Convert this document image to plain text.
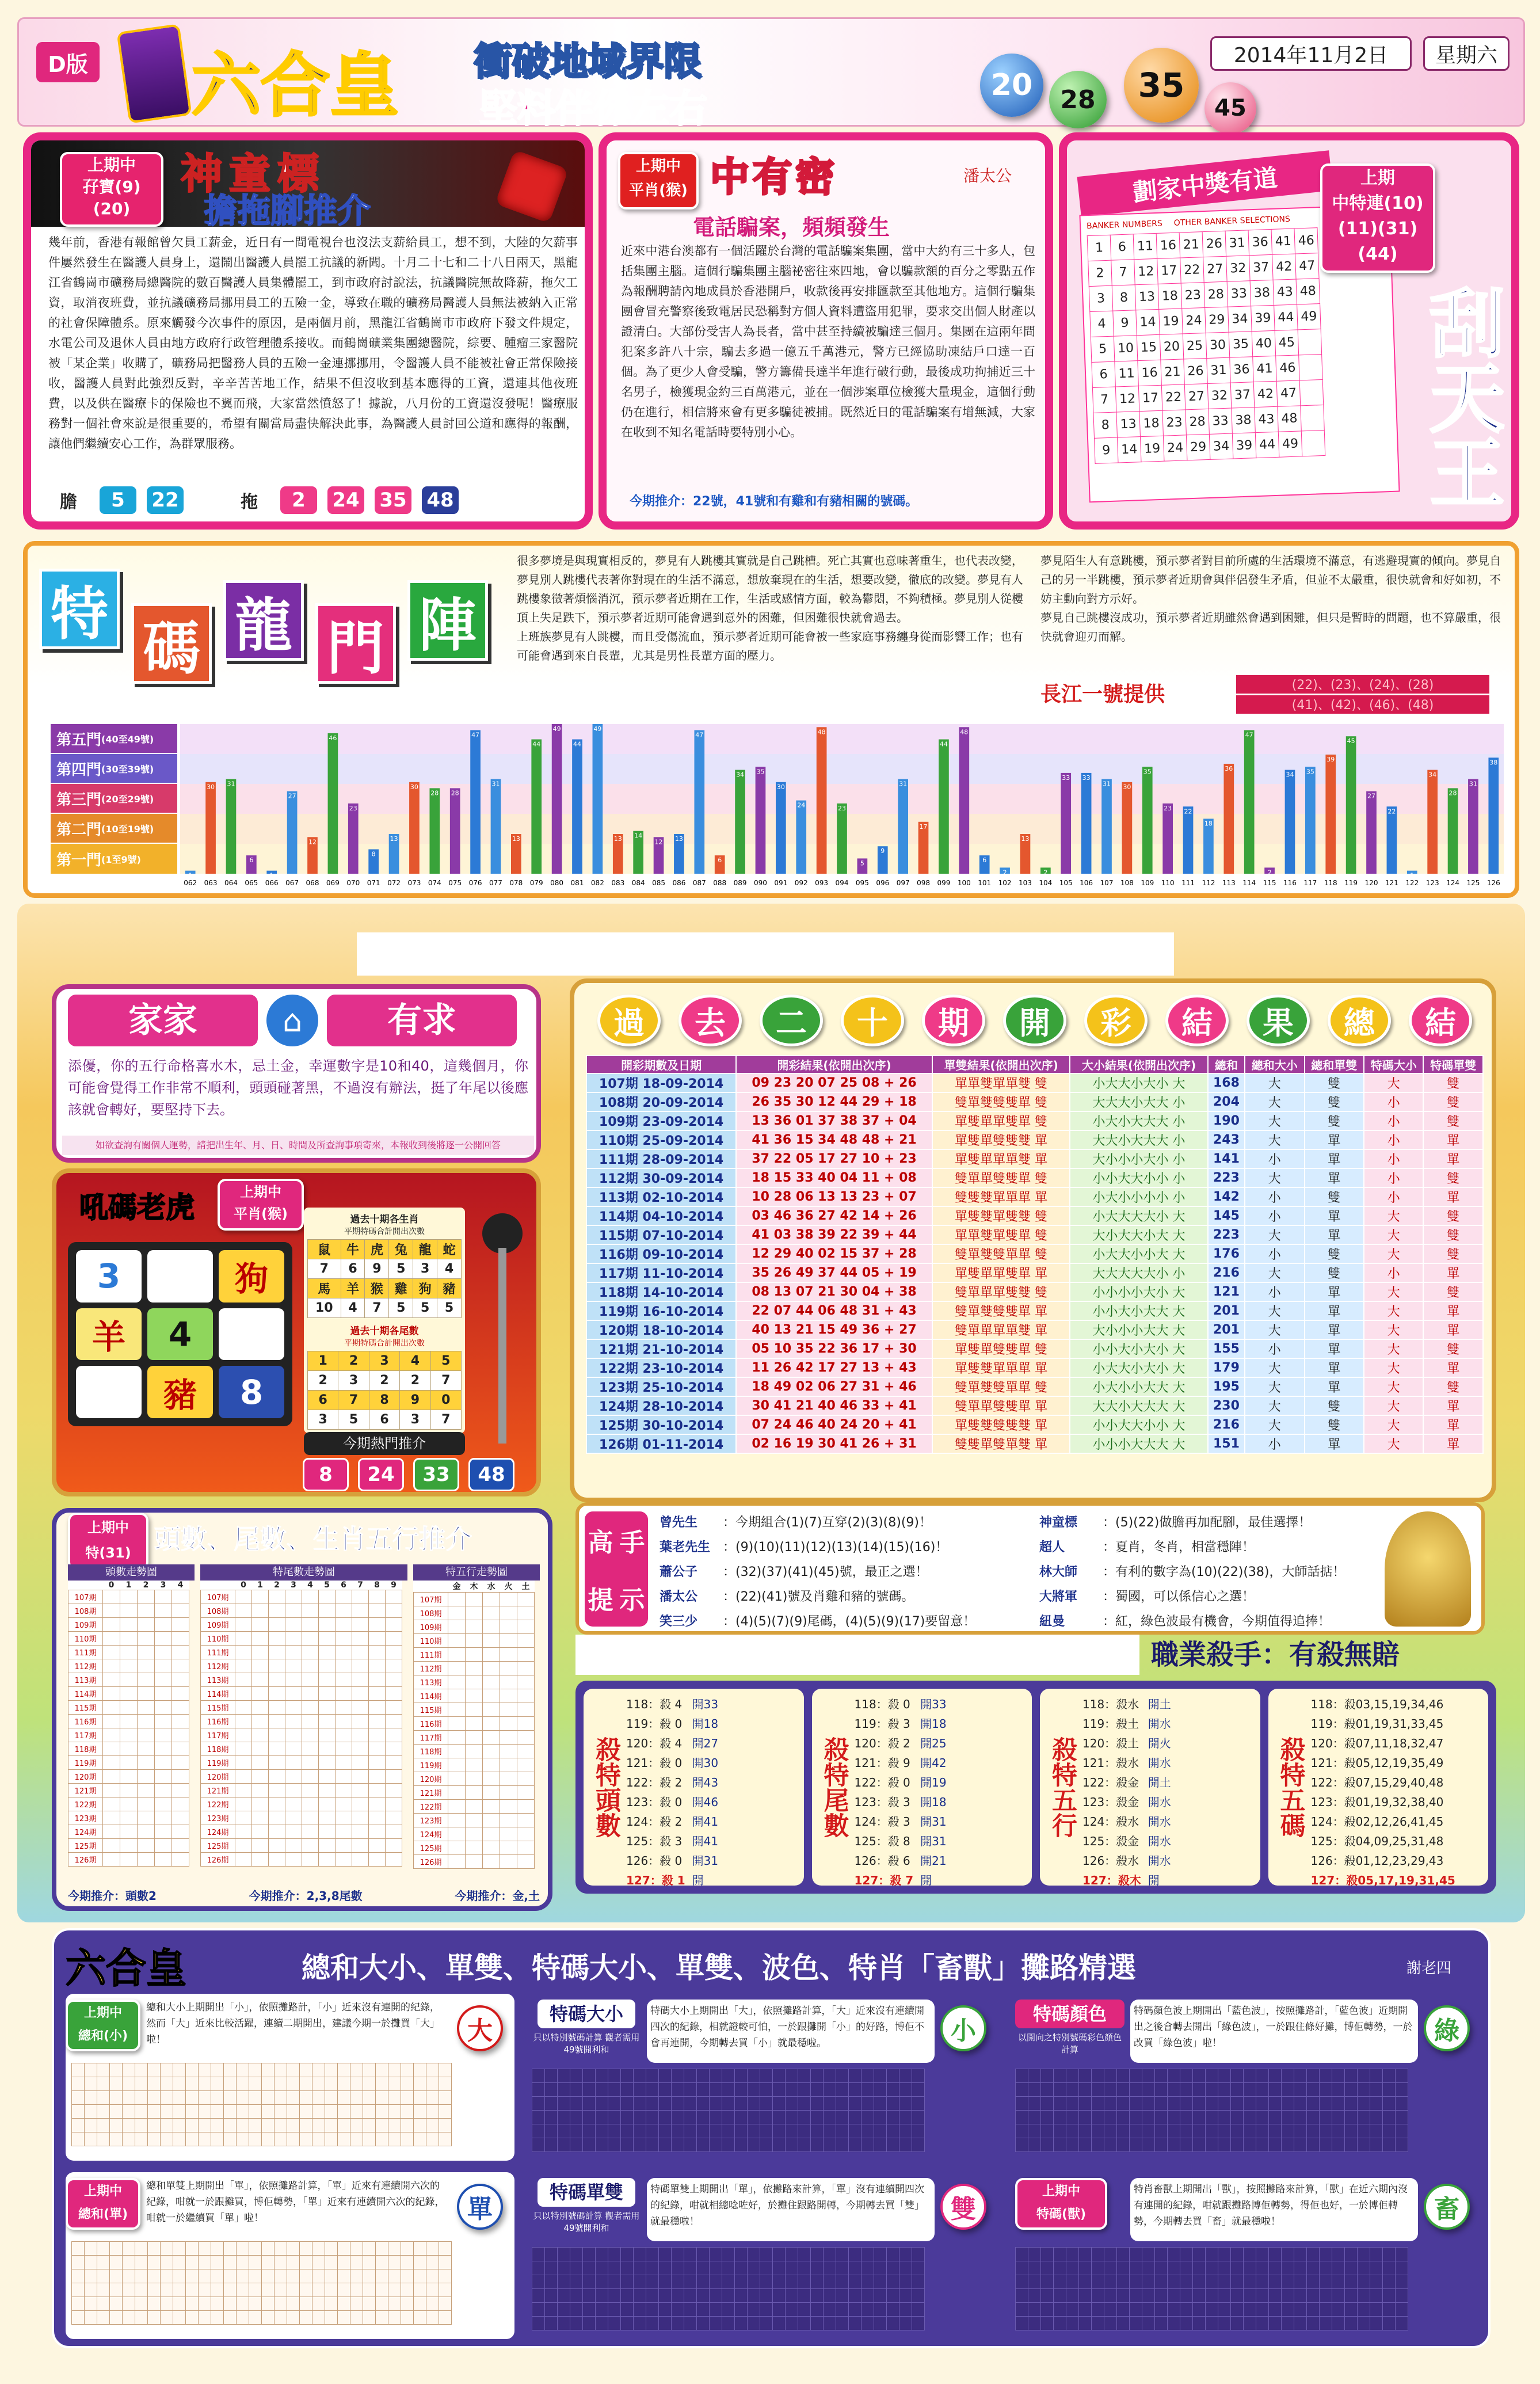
D版 六合皇 衝破地域界限
堅料伴你左右
20	28	35
45
2014年11月2日	星期六
上期中
孖寶(9)
(20)
神童標
擔拖腳推介
幾年前，香港有報館曾欠員工薪金，近日有一間電視台也沒法支薪給員工，想不到，大陸的欠薪事件屢然發生在醫護人員身上，還鬧出醫護人員罷工抗議的新聞。十月二十七和二十八日兩天，黑龍江省鶴崗市礦務局總醫院的數百醫護人員集體罷工，到市政府討說法，抗議醫院無故降薪，拖欠工資，取消夜班費，並抗議礦務局挪用員工的五險一金，導致在職的礦務局醫護人員無法被納入正常的社會保障體系。原來觸發今次事件的原因，是兩個月前，黑龍江省鶴崗市市政府下發文件規定，水電公司及退休人員由地方政府行政管理體系接收。而鶴崗礦業集團總醫院，綜要、腫瘤三家醫院被「某企業」收購了，礦務局把醫務人員的五險一金連挪挪用，令醫護人員不能被社會正常保險接收，醫護人員對此強烈反對，辛辛苦苦地工作，結果不但沒收到基本應得的工資，還連其他夜班費，以及供在醫療卡的保險也不翼而飛，大家當然憤怒了！據說，八月份的工資還沒發呢！醫療服務對一個社會來說是很重要的，希望有關當局盡快解決此事，為醫護人員討回公道和應得的報酬，讓他們繼續安心工作，為群眾服務。
膽	5	22	拖	2	24	35	48
上期中
平肖(猴) 中有密	潘太公
電話騙案，頻頻發生
近來中港台澳都有一個活躍於台灣的電話騙案集團，當中大約有三十多人，包括集團主腦。這個行騙集團主腦祕密往來四地，會以騙款額的百分之零點五作為報酬聘請內地成員於香港開戶，收款後再安排匯款至其他地方。這個行騙集團會冒充警察後致電居民恐稱對方個人資料遭盜用犯罪，要求交出個人財產以證清白。大部份受害人為長者，當中甚至持續被騙達三個月。集團在這兩年間犯案多許八十宗，騙去多過一億五千萬港元，警方已經協助凍結戶口達一百個。為了更少人會受騙，警方籌備長達半年進行破行動，最後成功拘捕近三十名男子，檢獲現金約三百萬港元，並在一個涉案單位檢獲大量現金，這個行動仍在進行，相信將來會有更多騙徒被捕。既然近日的電話騙案有增無減，大家在收到不知名電話時要特別小心。
今期推介：22號，41號和有雞和有豬相關的號碼。
劃家中獎有道
BANKER NUMBERS OTHER BANKER SELECTIONS
1	6	11	16	21	26	31	36	41	46
2	7	12	17	22	27	32	37	42	47
3	8	13	18	23	28	33	38	43	48
4	9	14	19	24	29	34	39	44	49
5	10	15	20	25	30	35	40	45	
6	11	16	21	26	31	36	41	46	
7	12	17	22	27	32	37	42	47	
8	13	18	23	28	33	38	43	48	
9	14	19	24	29	34	39	44	49	
上期
中特連(10)
(11)(31)
(44)
刮天王
特
碼 龍 門 陣

很多夢境是與現實相反的，夢見有人跳樓其實就是自己跳槽。死亡其實也意味著重生，也代表改變，夢見別人跳樓代表著你對現在的生活不滿意，想放棄現在的生活，想要改變，徹底的改變。夢見有人跳樓象徵著煩惱消沉，預示夢者近期在工作，生活或感情方面，較為鬱悶，不夠積極。夢見別人從樓頂上失足跌下，預示夢者近期可能會遇到意外的困難，但困難很快就會過去。

上班族夢見有人跳樓，而且受傷流血，預示夢者近期可能會被一些家庭事務纏身從而影響工作；也有可能會遇到來自長輩，尤其是男性長輩方面的壓力。

夢見陌生人有意跳樓，預示夢者對目前所處的生活環境不滿意，有逃避現實的傾向。夢見自己的另一半跳樓，預示夢者近期會與伴侶發生矛盾，但並不太嚴重，很快就會和好如初，不妨主動向對方示好。

夢見自己跳樓沒成功，預示夢者近期雖然會遇到困難，但只是暫時的問題，也不算嚴重，很快就會迎刃而解。

長江一號提供	(22)、(23)、(24)、(28)
(41)、(42)、(46)、(48)
第五門 (40至49號)
第四門 (30至39號)
第三門 (20至29號)
第二門 (10至19號)
第一門 (1至9號)
1
062
30
063
31
064
6
065
1
066
27
067
12
068
46
069
23
070
8
071
13
072
30
073
28
074
28
075
47
076
31
077
13
078
44
079
49
080
44
081
49
082
13
083
14
084
12
085
13
086
47
087
6
088
34
089
35
090
30
091
24
092
48
093
23
094
5
095
9
096
31
097
17
098
44
099
48
100
6
101
2
102
13
103
2
104
33
105
33
106
31
107
30
108
35
109
23
110
22
111
18
112
36
113
47
114
2
115
34
116
35
117
39
118
45
119
27
120
22
121
1
122
34
123
28
124
31
125
38
126
家家	⌂	有求
添優，你的五行命格喜水木，忌土金，幸運數字是10和40，這幾個月，你可能會覺得工作非常不順利，頭頭碰著黑，不過沒有辦法，挺了年尾以後應該就會轉好，要堅持下去。
如欲查詢有關個人運勢，請把出生年、月、日、時間及所查詢事項寄來，本報收到後將逐一公開回答
吼碼老虎	上期中
平肖(猴)
3	狗
羊	4
豬	8
過去十期各生肖
平期特碼合計開出次數
鼠	牛	虎	兔	龍	蛇
7	6	9	5	3	4
馬	羊	猴	雞	狗	豬
10	4	7	5	5	5
過去十期各尾數
平期特碼合計開出次數
1	2	3	4	5
2	3	2	2	7
6	7	8	9	0
3	5	6	3	7
今期熱門推介
8	24	33	48
上期中
特(31) 頭數、尾數、生肖五行推介
頭數走勢圖
	0	1	2	3	4
107期					
108期					
109期					
110期					
111期					
112期					
113期					
114期					
115期					
116期					
117期					
118期					
119期					
120期					
121期					
122期					
123期					
124期					
125期					
126期					
特尾數走勢圖
	0	1	2	3	4	5	6	7	8	9
107期										
108期										
109期										
110期										
111期										
112期										
113期										
114期										
115期										
116期										
117期										
118期										
119期										
120期										
121期										
122期										
123期										
124期										
125期										
126期										
特五行走勢圖
	金	木	水	火	土
107期					
108期					
109期					
110期					
111期					
112期					
113期					
114期					
115期					
116期					
117期					
118期					
119期					
120期					
121期					
122期					
123期					
124期					
125期					
126期					
今期推介：頭數2	今期推介：2,3,8尾數	今期推介：金,土
過	去	二	十	期	開	彩	結	果	總	結
開彩期數及日期	開彩結果(依開出次序)	單雙結果(依開出次序)	大小結果(依開出次序)	總和	總和大小	總和單雙	特碼大小	特碼單雙
107期 18-09-2014	09 23 20 07 25 08 + 26	單單雙單單雙 雙	小大大小大小 大	168	大	雙	大	雙
108期 20-09-2014	26 35 30 12 44 29 + 18	雙單雙雙雙單 雙	大大大小大大 小	204	大	雙	小	雙
109期 23-09-2014	13 36 01 37 38 37 + 04	單雙單單雙單 雙	小大小大大大 小	190	大	雙	小	雙
110期 25-09-2014	41 36 15 34 48 48 + 21	單雙單雙雙雙 單	大大小大大大 小	243	大	單	小	單
111期 28-09-2014	37 22 05 17 27 10 + 23	單雙單單單雙 單	大小小小大小 小	141	小	單	小	單
112期 30-09-2014	18 15 33 40 04 11 + 08	雙單單雙雙單 雙	小小大大小小 小	223	大	單	小	雙
113期 02-10-2014	10 28 06 13 13 23 + 07	雙雙雙單單單 單	小大小小小小 小	142	小	雙	小	單
114期 04-10-2014	03 46 36 27 42 14 + 26	單雙雙單雙雙 雙	小大大大大小 大	145	小	單	大	雙
115期 07-10-2014	41 03 38 39 22 39 + 44	單單雙單雙單 雙	大小大大小大 大	223	大	單	大	雙
116期 09-10-2014	12 29 40 02 15 37 + 28	雙單雙雙單單 雙	小大大小小大 大	176	小	雙	大	雙
117期 11-10-2014	35 26 49 37 44 05 + 19	單雙單單雙單 單	大大大大大小 小	216	大	雙	小	單
118期 14-10-2014	08 13 07 21 30 04 + 38	雙單單單雙雙 雙	小小小小大小 大	121	小	單	大	雙
119期 16-10-2014	22 07 44 06 48 31 + 43	雙單雙雙雙單 單	小小大小大大 大	201	大	單	大	單
120期 18-10-2014	40 13 21 15 49 36 + 27	雙單單單單雙 單	大小小小大大 大	201	大	單	大	單
121期 21-10-2014	05 10 35 22 36 17 + 30	單雙單雙雙單 雙	小小大小大小 大	155	小	單	大	雙
122期 23-10-2014	11 26 42 17 27 13 + 43	單雙雙單單單 單	小大大小大小 大	179	大	單	大	單
123期 25-10-2014	18 49 02 06 27 31 + 46	雙單雙雙單單 雙	小大小小大大 大	195	大	單	大	雙
124期 28-10-2014	30 41 21 40 46 33 + 41	雙單單雙雙單 單	大大小大大大 大	230	大	雙	大	單
125期 30-10-2014	07 24 46 40 24 20 + 41	單雙雙雙雙雙 單	小小大大小小 大	216	大	雙	大	單
126期 01-11-2014	02 16 19 30 41 26 + 31	雙雙單雙單雙 單	小小小大大大 大	151	小	單	大	單
高 手
提 示
曾先生 ：今期組合(1)(7)互穿(2)(3)(8)(9)！
葉老先生 ：(9)(10)(11)(12)(13)(14)(15)(16)！
蕭公子 ：(32)(37)(41)(45)號，最正之選！
潘太公 ：(22)(41)號及肖雞和豬的號碼。
笑三少 ：(4)(5)(7)(9)尾碼，(4)(5)(9)(17)要留意！
神童標 ：(5)(22)做膽再加配腳，最佳選擇！
超人	：夏肖，冬肖，相當穩陣！
林大師 ：有利的數字為(10)(22)(38)，大師話掂！
大將軍 ：蜀國，可以係信心之選！
紐曼	：紅，綠色波最有機會，今期值得追捧！
職業殺手：有殺無賠
殺特頭數
118：殺 4	開33
119：殺 0	開18
120：殺 4	開27
121：殺 0	開30
122：殺 2	開43
123：殺 0	開46
124：殺 2	開41
125：殺 3	開41
126：殺 0	開31
127：殺 1	開
殺特尾數
118：殺 0	開33
119：殺 3	開18
120：殺 2	開25
121：殺 9	開42
122：殺 0	開19
123：殺 3	開18
124：殺 3	開31
125：殺 8	開31
126：殺 6	開21
127：殺 7	開
殺特五行
118：殺水	開土
119：殺土	開水
120：殺土	開火
121：殺水	開水
122：殺金	開土
123：殺金	開水
124：殺水	開水
125：殺金	開水
126：殺水	開水
127：殺木	開
殺特五碼
118：殺03,15,19,34,46	
119：殺01,19,31,33,45	
120：殺07,11,18,32,47	
121：殺05,12,19,35,49	
122：殺07,15,29,40,48	
123：殺01,19,32,38,40	
124：殺02,12,26,41,45	
125：殺04,09,25,31,48	
126：殺01,12,23,29,43	
127：殺05,17,19,31,45	
六合皇	總和大小、單雙、特碼大小、單雙、波色、特肖「畜獸」攤路精選	謝老四
上期中
總和(小)
總和大小上期開出「小」，依照攤路計，「小」近來沒有連開的紀錄，然而「大」近來比較活躍，連續二期開出，建議今期一於攤買「大」啦！	大

特碼大小
只以特別號碼計算 觀者需用49號開利和
特碼大小上期開出「大」，依照攤路計算，「大」近來沒有連續開四次的紀錄，相就證較可怕，一於跟攤開「小」的好路，博佢不會再連開，今期轉去買「小」就最穩啦。	小

特碼顏色
以開向之特別號碼彩色顏色計算
特碼顏色波上期開出「藍色波」，按照攤路計，「藍色波」近期開出之後會轉去開出「綠色波」，一於跟住條好攤，博佢轉勢，一於改買「綠色波」啦！	綠

上期中
總和(單)
總和單雙上期開出「單」，依照攤路計算，「單」近來有連續開六次的紀錄，咁就一於跟攤買，博佢轉勢，「單」近來有連續開六次的紀錄，咁就一於繼續買「單」啦！	單

特碼單雙
只以特別號碼計算 觀者需用49號開利和
特碼單雙上期開出「單」，依攤路來計算，「單」沒有連續開四次的紀錄，咁就相總唸咗好，於攤住跟路開轉，今期轉去買「雙」就最穩啦！	雙

上期中
特碼(獸)
特肖畜獸上期開出「獸」，按照攤路來計算，「獸」在近六期內沒有連開的紀錄，咁就跟攤路博佢轉勢，得佢也好，一於博佢轉勢，今期轉去買「畜」就最穩啦！	畜
